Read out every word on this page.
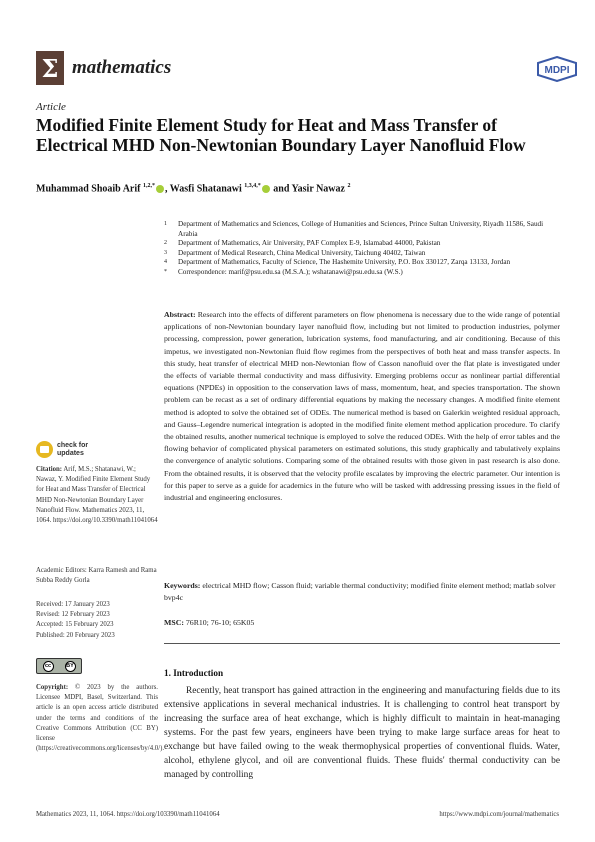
Σ mathematics	MDPI
Article
Modified Finite Element Study for Heat and Mass Transfer of Electrical MHD Non-Newtonian Boundary Layer Nanofluid Flow
Muhammad Shoaib Arif $^{1,2,*}$ , Wasfi Shatanawi $^{1,3,4,*}$ and Yasir Nawaz $^2$
1	Department of Mathematics and Sciences, College of Humanities and Sciences, Prince Sultan University, Riyadh 11586, Saudi Arabia
2	Department of Mathematics, Air University, PAF Complex E-9, Islamabad 44000, Pakistan
3	Department of Medical Research, China Medical University, Taichung 40402, Taiwan
4	Department of Mathematics, Faculty of Science, The Hashemite University, P.O. Box 330127, Zarqa 13133, Jordan
*	Correspondence: marif@psu.edu.sa (M.S.A.); wshatanawi@psu.edu.sa (W.S.)
Abstract: Research into the effects of different parameters on flow phenomena is necessary due to the wide range of potential applications of non-Newtonian boundary layer nanofluid flow, including but not limited to production industries, polymer processing, compression, power generation, lubrication systems, food manufacturing, and air conditioning. Because of this impetus, we investigated non-Newtonian fluid flow regimes from the perspectives of both heat and mass transfer aspects. In this study, heat transfer of electrical MHD non-Newtonian flow of Casson nanofluid over the flat plate is investigated under the effects of variable thermal conductivity and mass diffusivity. Emerging problems occur as nonlinear partial differential equations (NPDEs) in opposition to the conservation laws of mass, momentum, heat, and species transportation. The shown problem can be recast as a set of ordinary differential equations by making the necessary changes. A modified finite element method is adopted to solve the obtained set of ODEs. The numerical method is based on Galerkin weighted residual approach, and Gauss–Legendre numerical integration is adopted in the modified finite element method application procedure. To clarify the obtained results, another numerical technique is employed to solve the reduced ODEs. With the help of error tables and the flowing behavior of complicated physical parameters on estimated solutions, this study graphically and tabulatively explains the convergence of analytic solutions. Comparing some of the obtained results with those given in past research is also done. From the obtained results, it is observed that the velocity profile escalates by improving the electric parameter. Our intention is for this paper to serve as a guide for academics in the future who will be tasked with addressing pressing issues in the field of industrial and engineering enclosures.
Keywords: electrical MHD flow; Casson fluid; variable thermal conductivity; modified finite element method; matlab solver bvp4c
MSC: 76R10; 76-10; 65K05
check for
updates
Citation: Arif, M.S.; Shatanawi, W.; Nawaz, Y. Modified Finite Element Study for Heat and Mass Transfer of Electrical MHD Non-Newtonian Boundary Layer Nanofluid Flow. Mathematics 2023, 11, 1064. https://doi.org/10.3390/math11041064
Academic Editors: Karra Ramesh and Rama Subba Reddy Gorla
Received: 17 January 2023
Revised: 12 February 2023
Accepted: 15 February 2023
Published: 20 February 2023
cc	BY
Copyright: © 2023 by the authors. Licensee MDPI, Basel, Switzerland. This article is an open access article distributed under the terms and conditions of the Creative Commons Attribution (CC BY) license (https://creativecommons.org/licenses/by/4.0/).
1. Introduction
Recently, heat transport has gained attraction in the engineering and manufacturing fields due to its extensive applications in several mechanical industries. It is challenging to control heat transport by increasing the surface area of heat exchange, which is highly difficult to maintain in heat-managing systems. For the past few years, engineers have been trying to make large surface areas for heat to exchange but have failed owing to the weak thermophysical properties of conventional fluids. Water, alcohol, ethylene glycol, and oil are conventional fluids. These fluids' thermal conductivity can be managed by controlling
Mathematics 2023, 11, 1064. https://doi.org/103390/math11041064	https://www.mdpi.com/journal/mathematics
